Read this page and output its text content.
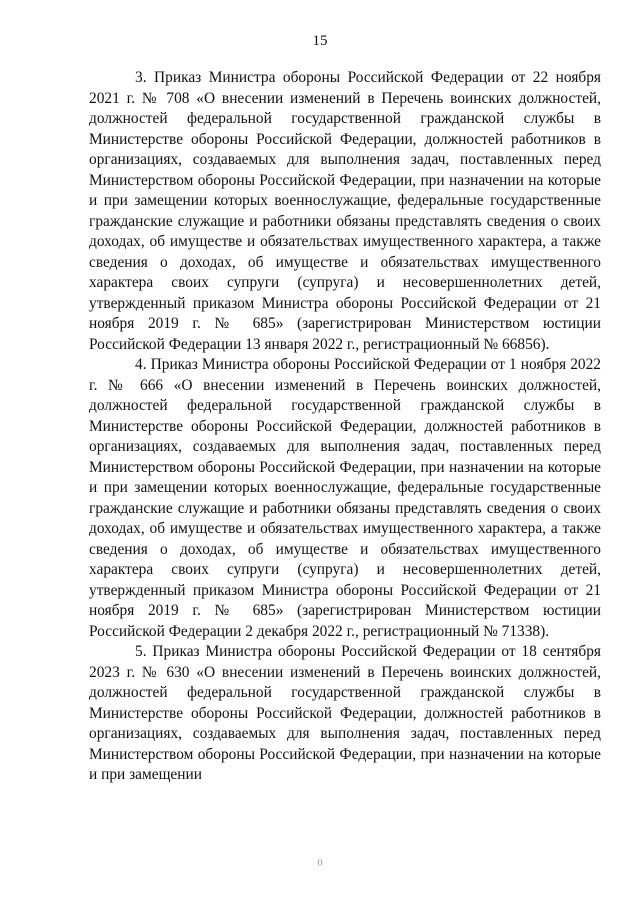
15

3. Приказ Министра обороны Российской Федерации от 22 ноября 2021 г. № 708 «О внесении изменений в Перечень воинских должностей, должностей федеральной государственной гражданской службы в Министерстве обороны Российской Федерации, должностей работников в организациях, создаваемых для выполнения задач, поставленных перед Министерством обороны Российской Федерации, при назначении на которые и при замещении которых военнослужащие, федеральные государственные гражданские служащие и работники обязаны представлять сведения о своих доходах, об имуществе и обязательствах имущественного характера, а также сведения о доходах, об имуществе и обязательствах имущественного характера своих супруги (супруга) и несовершеннолетних детей, утвержденный приказом Министра обороны Российской Федерации от 21 ноября 2019 г. № 685» (зарегистрирован Министерством юстиции Российской Федерации 13 января 2022 г., регистрационный № 66856).

4. Приказ Министра обороны Российской Федерации от 1 ноября 2022 г. № 666 «О внесении изменений в Перечень воинских должностей, должностей федеральной государственной гражданской службы в Министерстве обороны Российской Федерации, должностей работников в организациях, создаваемых для выполнения задач, поставленных перед Министерством обороны Российской Федерации, при назначении на которые и при замещении которых военнослужащие, федеральные государственные гражданские служащие и работники обязаны представлять сведения о своих доходах, об имуществе и обязательствах имущественного характера, а также сведения о доходах, об имуществе и обязательствах имущественного характера своих супруги (супруга) и несовершеннолетних детей, утвержденный приказом Министра обороны Российской Федерации от 21 ноября 2019 г. № 685» (зарегистрирован Министерством юстиции Российской Федерации 2 декабря 2022 г., регистрационный № 71338).

5. Приказ Министра обороны Российской Федерации от 18 сентября 2023 г. № 630 «О внесении изменений в Перечень воинских должностей, должностей федеральной государственной гражданской службы в Министерстве обороны Российской Федерации, должностей работников в организациях, создаваемых для выполнения задач, поставленных перед Министерством обороны Российской Федерации, при назначении на которые и при замещении

0
